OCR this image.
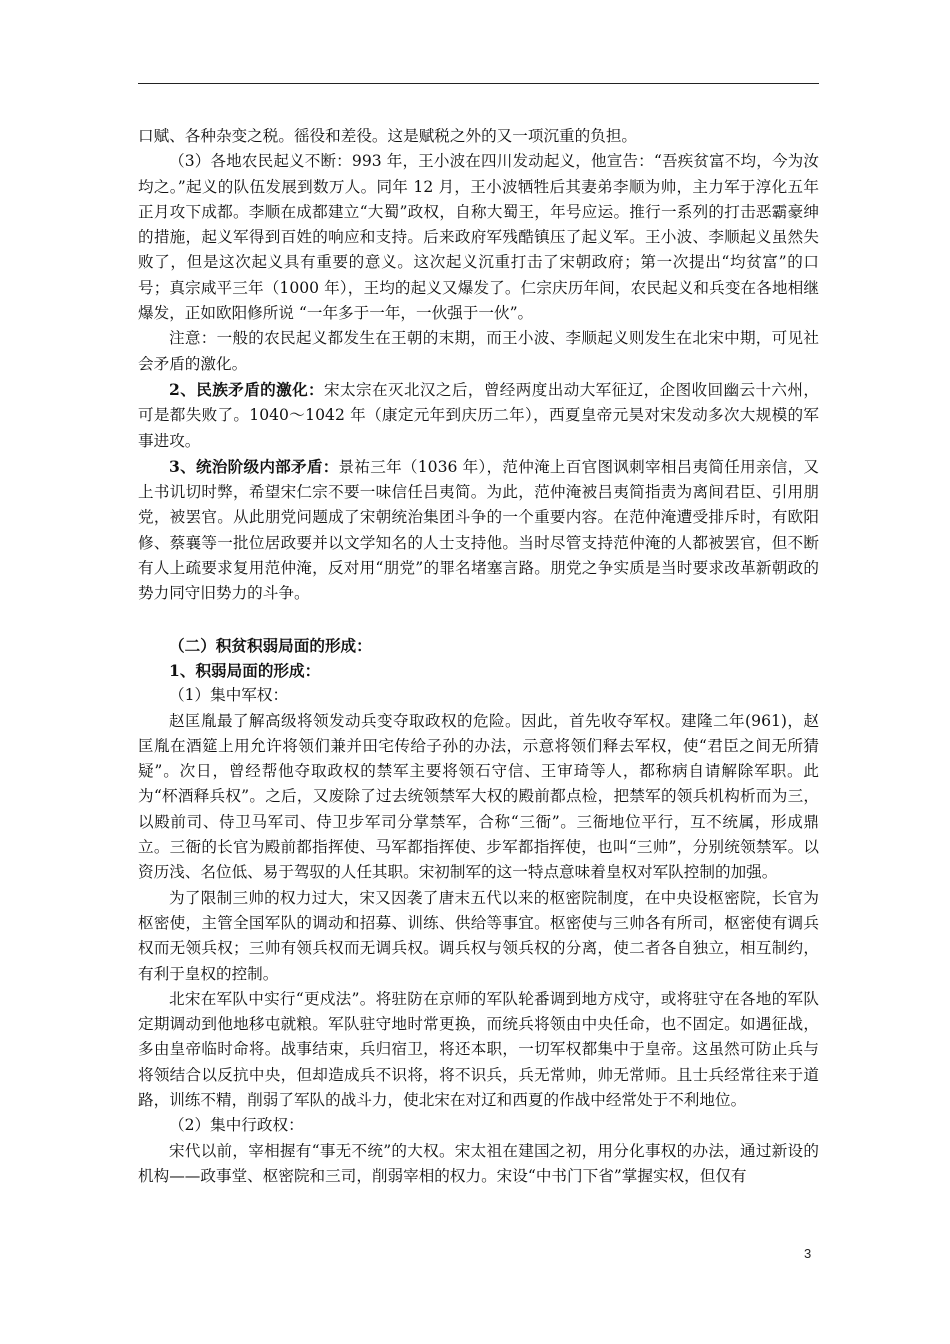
口赋、各种杂变之税。徭役和差役。这是赋税之外的又一项沉重的负担。

（3）各地农民起义不断：993 年，王小波在四川发动起义，他宣告：“吾疾贫富不均，今为汝均之。”起义的队伍发展到数万人。同年 12 月，王小波牺牲后其妻弟李顺为帅，主力军于淳化五年正月攻下成都。李顺在成都建立“大蜀”政权，自称大蜀王，年号应运。推行一系列的打击恶霸豪绅的措施，起义军得到百姓的响应和支持。后来政府军残酷镇压了起义军。王小波、李顺起义虽然失败了，但是这次起义具有重要的意义。这次起义沉重打击了宋朝政府；第一次提出“均贫富”的口号；真宗咸平三年（1000 年），王均的起义又爆发了。仁宗庆历年间，农民起义和兵变在各地相继爆发，正如欧阳修所说 “一年多于一年，一伙强于一伙”。

注意：一般的农民起义都发生在王朝的末期，而王小波、李顺起义则发生在北宋中期，可见社会矛盾的激化。

2、民族矛盾的激化：宋太宗在灭北汉之后，曾经两度出动大军征辽，企图收回幽云十六州，可是都失败了。1040～1042 年（康定元年到庆历二年），西夏皇帝元昊对宋发动多次大规模的军事进攻。

3、统治阶级内部矛盾：景祐三年（1036 年），范仲淹上百官图讽刺宰相吕夷简任用亲信，又上书讥切时弊，希望宋仁宗不要一味信任吕夷简。为此，范仲淹被吕夷简指责为离间君臣、引用朋党，被罢官。从此朋党问题成了宋朝统治集团斗争的一个重要内容。在范仲淹遭受排斥时，有欧阳修、蔡襄等一批位居政要并以文学知名的人士支持他。当时尽管支持范仲淹的人都被罢官，但不断有人上疏要求复用范仲淹，反对用“朋党”的罪名堵塞言路。朋党之争实质是当时要求改革新朝政的势力同守旧势力的斗争。

（二）积贫积弱局面的形成：

1、积弱局面的形成：

（1）集中军权：

赵匡胤最了解高级将领发动兵变夺取政权的危险。因此，首先收夺军权。建隆二年(961)，赵匡胤在酒筵上用允许将领们兼并田宅传给子孙的办法，示意将领们释去军权，使“君臣之间无所猜疑”。次日，曾经帮他夺取政权的禁军主要将领石守信、王审琦等人，都称病自请解除军职。此为“杯酒释兵权”。之后，又废除了过去统领禁军大权的殿前都点检，把禁军的领兵机构析而为三，以殿前司、侍卫马军司、侍卫步军司分掌禁军，合称“三衙”。三衙地位平行，互不统属，形成鼎立。三衙的长官为殿前都指挥使、马军都指挥使、步军都指挥使，也叫“三帅”，分别统领禁军。以资历浅、名位低、易于驾驭的人任其职。宋初制军的这一特点意味着皇权对军队控制的加强。

为了限制三帅的权力过大，宋又因袭了唐末五代以来的枢密院制度，在中央设枢密院，长官为枢密使，主管全国军队的调动和招募、训练、供给等事宜。枢密使与三帅各有所司，枢密使有调兵权而无领兵权；三帅有领兵权而无调兵权。调兵权与领兵权的分离，使二者各自独立，相互制约，有利于皇权的控制。

北宋在军队中实行“更戍法”。将驻防在京师的军队轮番调到地方戍守，或将驻守在各地的军队定期调动到他地移屯就粮。军队驻守地时常更换，而统兵将领由中央任命，也不固定。如遇征战，多由皇帝临时命将。战事结束，兵归宿卫，将还本职，一切军权都集中于皇帝。这虽然可防止兵与将领结合以反抗中央，但却造成兵不识将，将不识兵，兵无常帅，帅无常师。且士兵经常往来于道路，训练不精，削弱了军队的战斗力，使北宋在对辽和西夏的作战中经常处于不利地位。

（2）集中行政权：

宋代以前，宰相握有“事无不统”的大权。宋太祖在建国之初，用分化事权的办法，通过新设的机构——政事堂、枢密院和三司，削弱宰相的权力。宋设“中书门下省”掌握实权，但仅有

3
